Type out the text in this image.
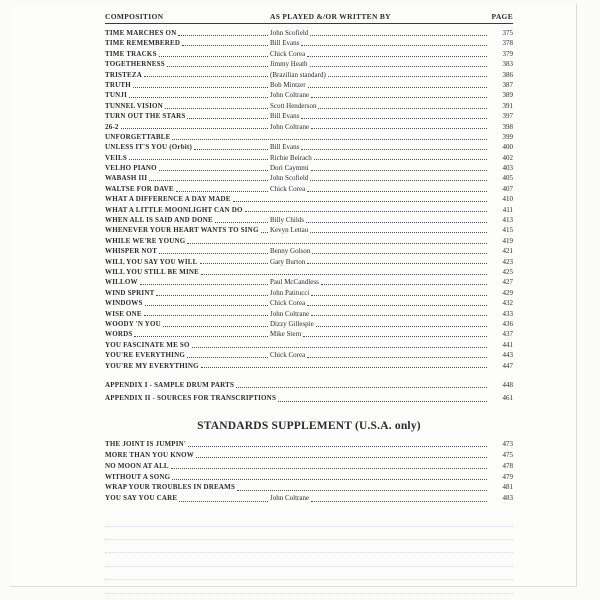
COMPOSITION	AS PLAYED &/OR WRITTEN BY	PAGE
TIME MARCHES ON	John Scofield	375
TIME REMEMBERED	Bill Evans	378
TIME TRACKS	Chick Corea	379
TOGETHERNESS	Jimmy Heath	383
TRISTEZA	(Brazilian standard)	386
TRUTH	Bob Mintzer	387
TUNJI	John Coltrane	389
TUNNEL VISION	Scott Henderson	391
TURN OUT THE STARS	Bill Evans	397
26-2	John Coltrane	398
UNFORGETTABLE	399
UNLESS IT'S YOU (Orbit)	Bill Evans	400
VEILS	Richie Beirach	402
VELHO PIANO	Dori Caymmi	403
WABASH III	John Scofield	405
WALTSE FOR DAVE	Chick Corea	407
WHAT A DIFFERENCE A DAY MADE	410
WHAT A LITTLE MOONLIGHT CAN DO	411
WHEN ALL IS SAID AND DONE	Billy Childs	413
WHENEVER YOUR HEART WANTS TO SING Kevyn Lettau	415
WHILE WE'RE YOUNG	419
WHISPER NOT	Benny Golson	421
WILL YOU SAY YOU WILL	Gary Burton	423
WILL YOU STILL BE MINE	425
WILLOW	Paul McCandless	427
WIND SPRINT	John Patitucci	429
WINDOWS	Chick Corea	432
WISE ONE	John Coltrane	433
WOODY 'N YOU	Dizzy Gillespie	436
WORDS	Mike Stern	437
YOU FASCINATE ME SO	441
YOU'RE EVERYTHING	Chick Corea	443
YOU'RE MY EVERYTHING	447
APPENDIX I - SAMPLE DRUM PARTS	448
APPENDIX II - SOURCES FOR TRANSCRIPTIONS	461
STANDARDS SUPPLEMENT (U.S.A. only)
THE JOINT IS JUMPIN'	473
MORE THAN YOU KNOW	475
NO MOON AT ALL	478
WITHOUT A SONG	479
WRAP YOUR TROUBLES IN DREAMS	481
YOU SAY YOU CARE	John Coltrane	483
